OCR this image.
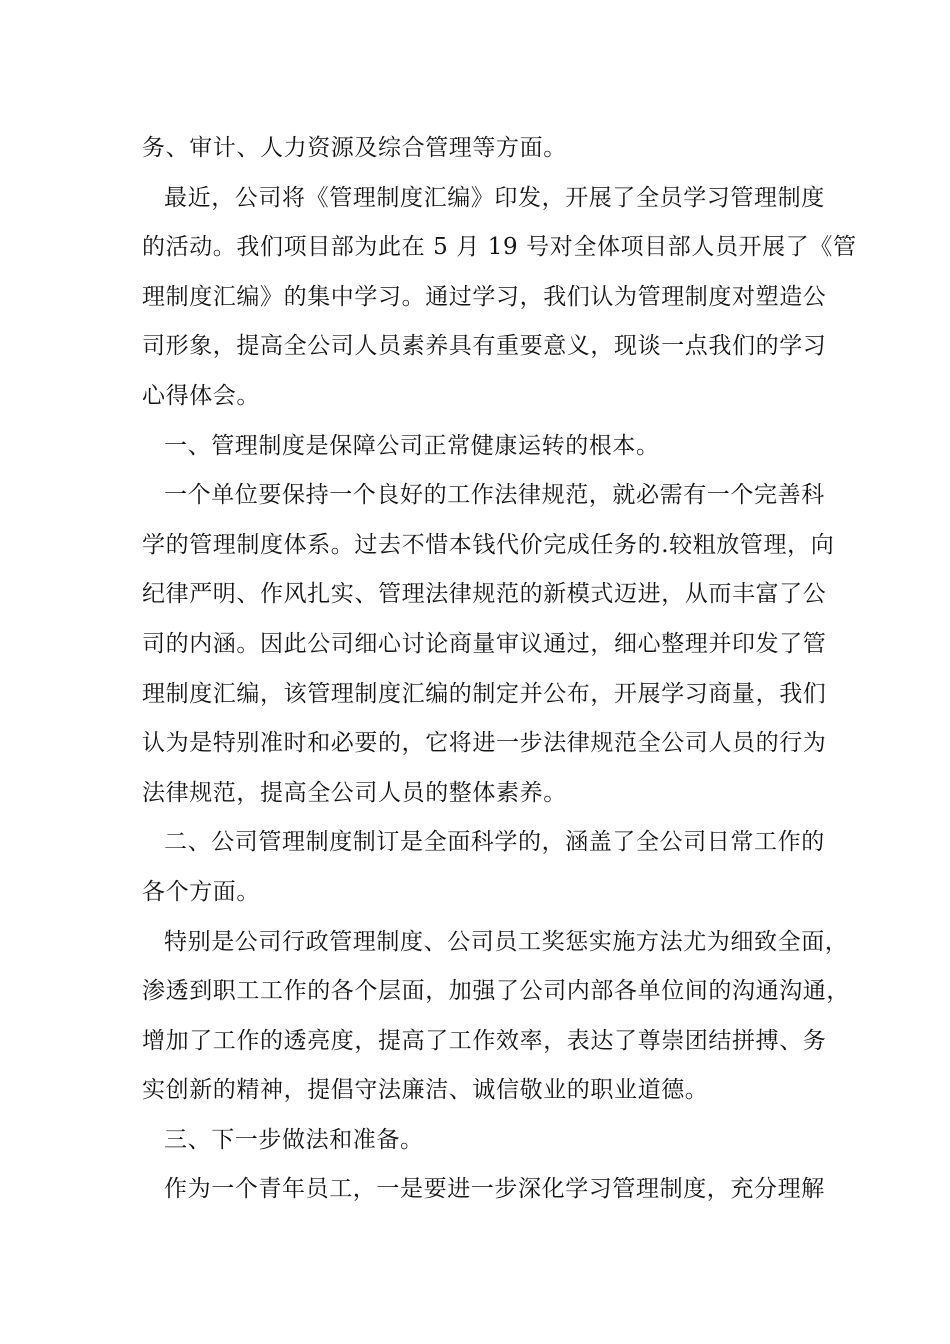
务、审计、人力资源及综合管理等方面。
最近，公司将《管理制度汇编》印发，开展了全员学习管理制度
的活动。我们项目部为此在 5 月 19 号对全体项目部人员开展了《管
理制度汇编》的集中学习。通过学习，我们认为管理制度对塑造公
司形象，提高全公司人员素养具有重要意义，现谈一点我们的学习
心得体会。
一、管理制度是保障公司正常健康运转的根本。
一个单位要保持一个良好的工作法律规范，就必需有一个完善科
学的管理制度体系。过去不惜本钱代价完成任务的.较粗放管理，向
纪律严明、作风扎实、管理法律规范的新模式迈进，从而丰富了公
司的内涵。因此公司细心讨论商量审议通过，细心整理并印发了管
理制度汇编，该管理制度汇编的制定并公布，开展学习商量，我们
认为是特别准时和必要的，它将进一步法律规范全公司人员的行为
法律规范，提高全公司人员的整体素养。
二、公司管理制度制订是全面科学的，涵盖了全公司日常工作的
各个方面。
特别是公司行政管理制度、公司员工奖惩实施方法尤为细致全面，
渗透到职工工作的各个层面，加强了公司内部各单位间的沟通沟通，
增加了工作的透亮度，提高了工作效率，表达了尊崇团结拼搏、务
实创新的精神，提倡守法廉洁、诚信敬业的职业道德。
三、下一步做法和准备。
作为一个青年员工，一是要进一步深化学习管理制度，充分理解
